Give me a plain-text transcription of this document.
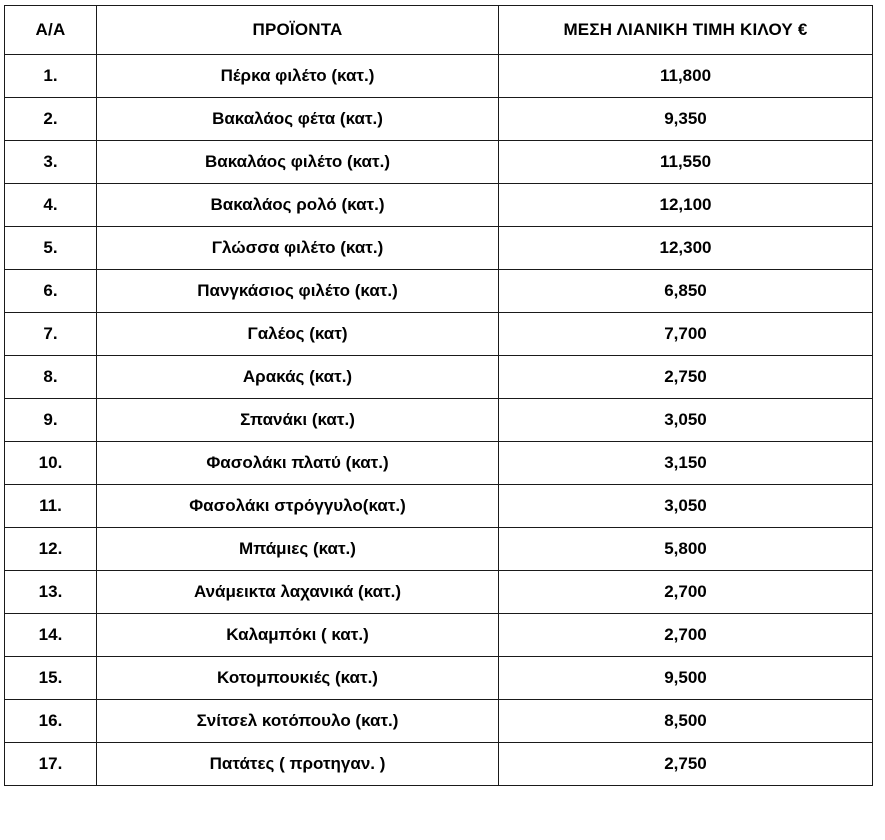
Α/Α	ΠΡΟΪΟΝΤΑ	ΜΕΣΗ ΛΙΑΝΙΚΗ ΤΙΜΗ ΚΙΛΟΥ €
1.	Πέρκα φιλέτο (κατ.)	11,800
2.	Βακαλάος φέτα (κατ.)	9,350
3.	Βακαλάος φιλέτο (κατ.)	11,550
4.	Βακαλάος ρολό (κατ.)	12,100
5.	Γλώσσα φιλέτο (κατ.)	12,300
6.	Πανγκάσιος φιλέτο (κατ.)	6,850
7.	Γαλέος (κατ)	7,700
8.	Αρακάς (κατ.)	2,750
9.	Σπανάκι (κατ.)	3,050
10.	Φασολάκι πλατύ (κατ.)	3,150
11.	Φασολάκι στρόγγυλο(κατ.)	3,050
12.	Μπάμιες (κατ.)	5,800
13.	Ανάμεικτα λαχανικά (κατ.)	2,700
14.	Καλαμπόκι ( κατ.)	2,700
15.	Κοτομπουκιές (κατ.)	9,500
16.	Σνίτσελ κοτόπουλο (κατ.)	8,500
17.	Πατάτες ( προτηγαν. )	2,750
